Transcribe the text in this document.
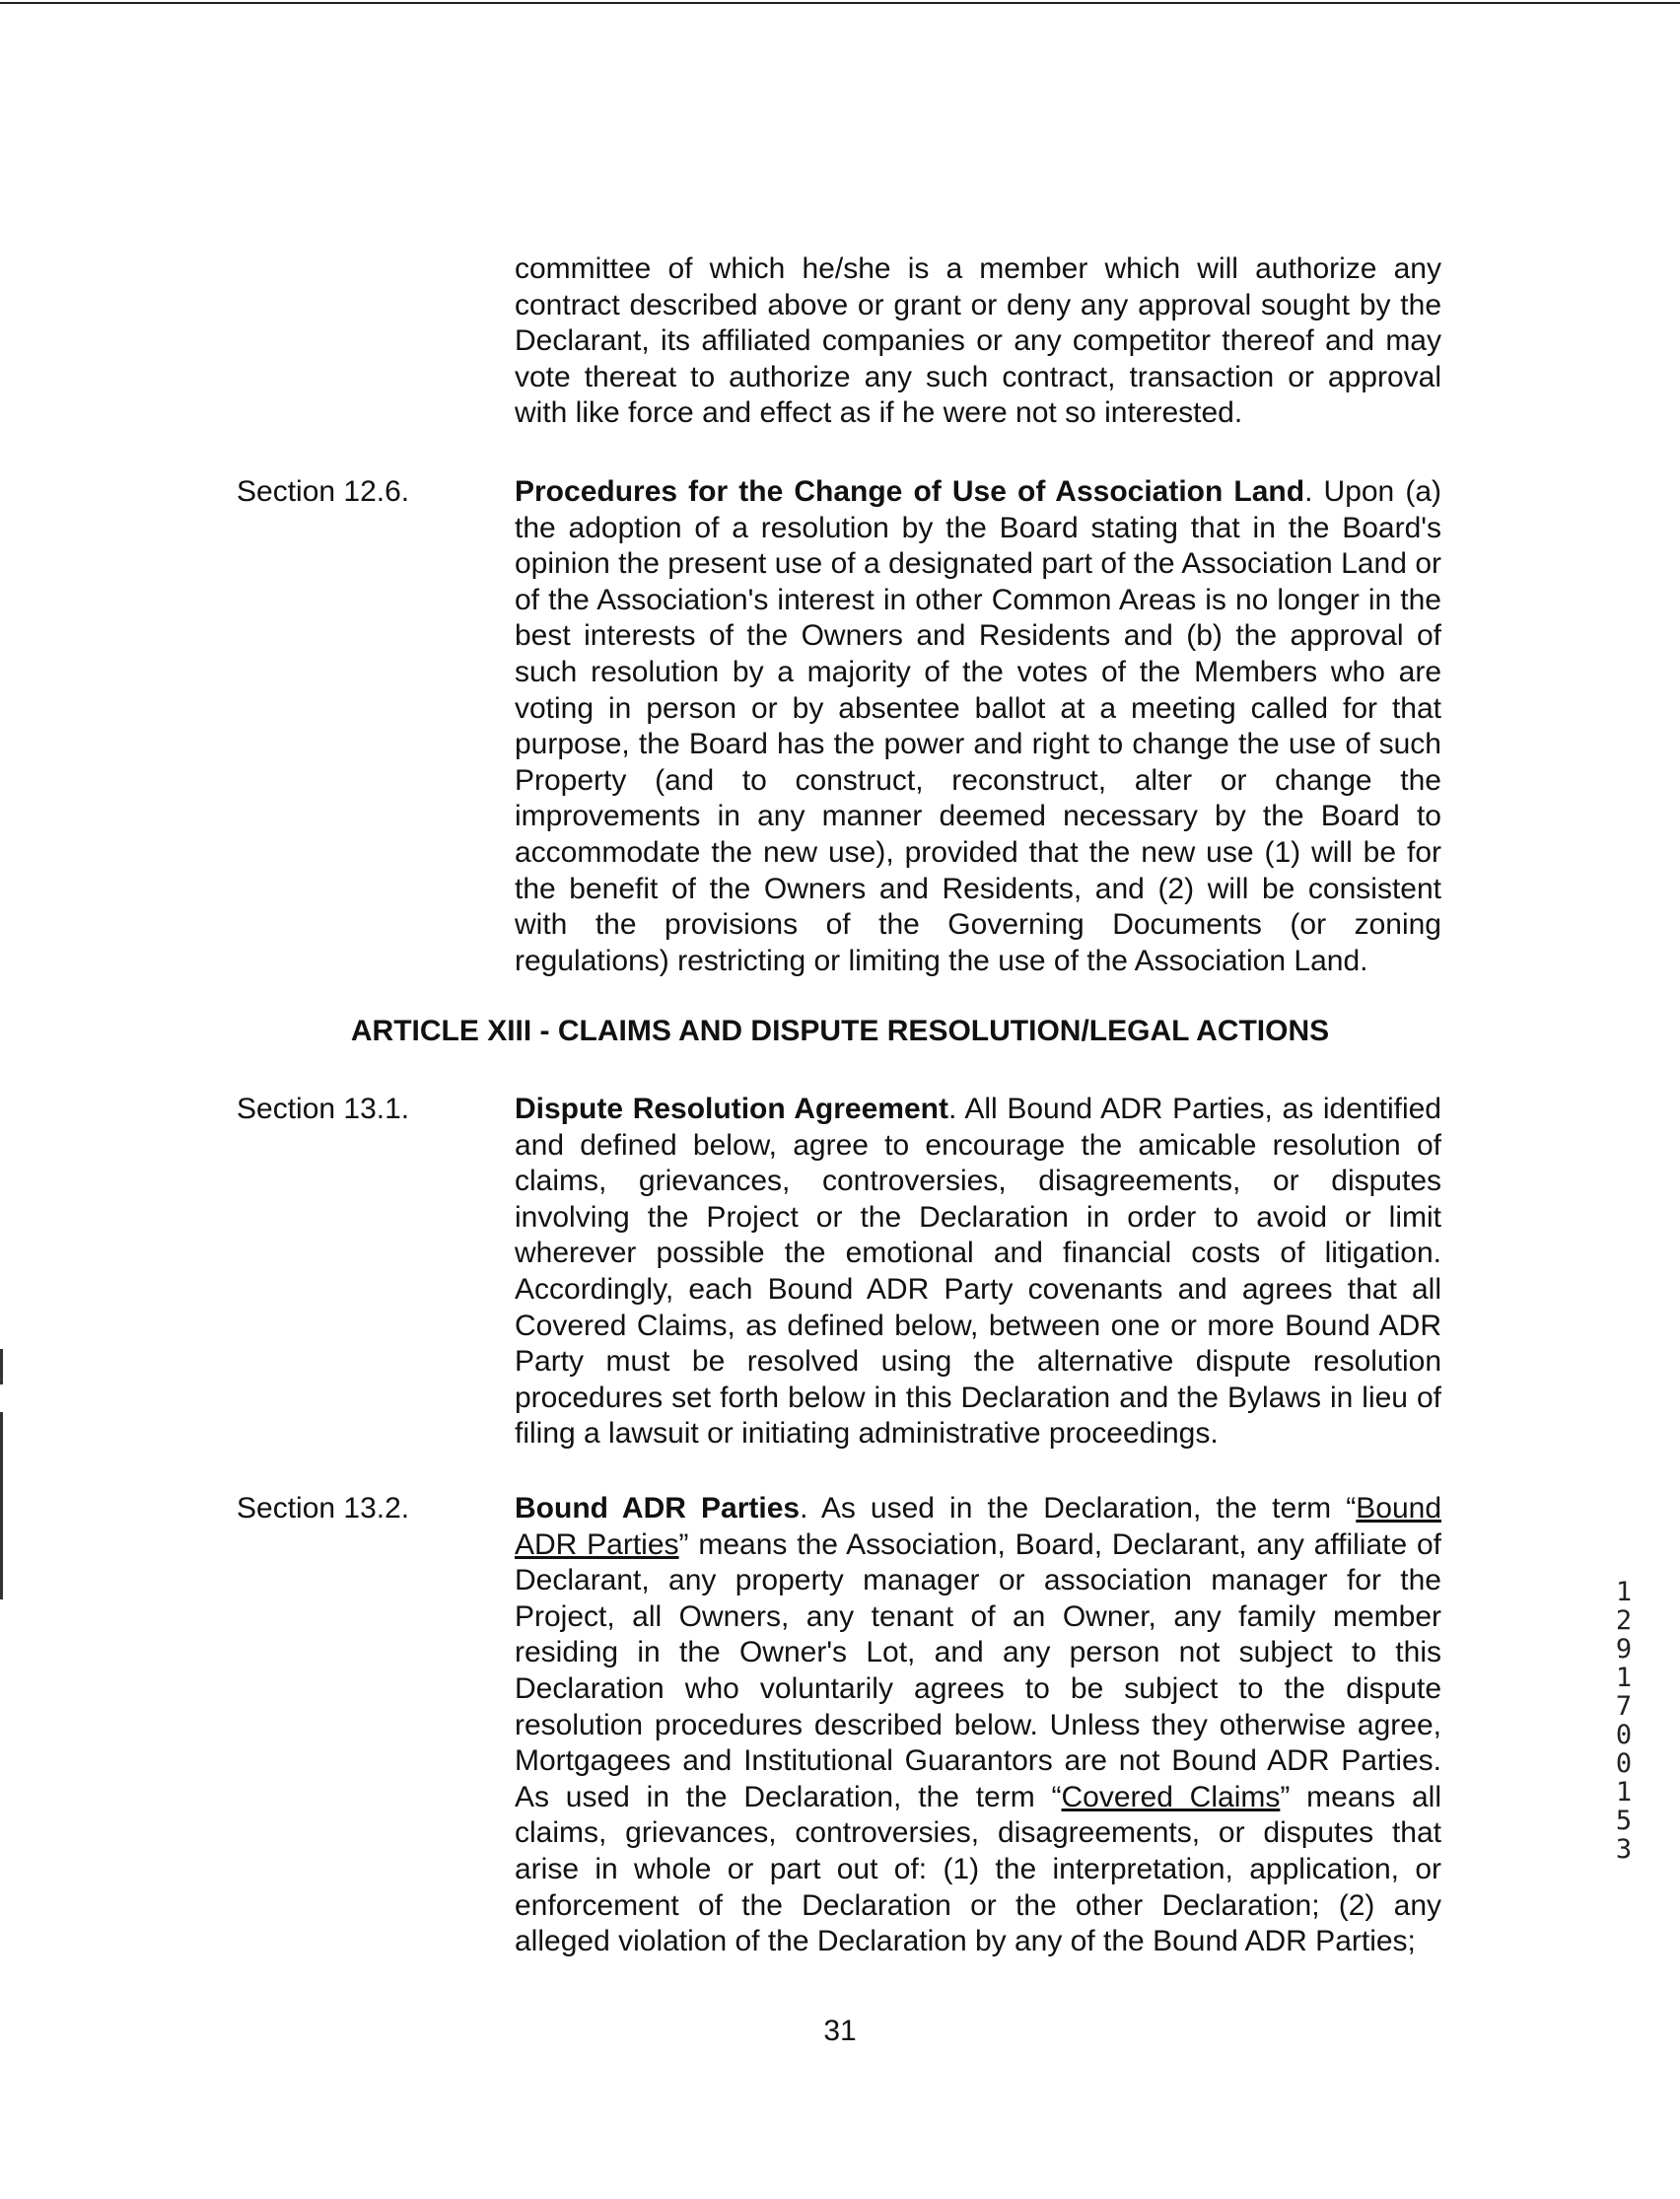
committee of which he/she is a member which will authorize any contract described above or grant or deny any approval sought by the Declarant, its affiliated companies or any competitor thereof and may vote thereat to authorize any such contract, transaction or approval with like force and effect as if he were not so interested.

Section 12.6.	Procedures for the Change of Use of Association Land. Upon (a) the adoption of a resolution by the Board stating that in the Board's opinion the present use of a designated part of the Association Land or of the Association's interest in other Common Areas is no longer in the best interests of the Owners and Residents and (b) the approval of such resolution by a majority of the votes of the Members who are voting in person or by absentee ballot at a meeting called for that purpose, the Board has the power and right to change the use of such Property (and to construct, reconstruct, alter or change the improvements in any manner deemed necessary by the Board to accommodate the new use), provided that the new use (1) will be for the benefit of the Owners and Residents, and (2) will be consistent with the provisions of the Governing Documents (or zoning regulations) restricting or limiting the use of the Association Land.

ARTICLE XIII - CLAIMS AND DISPUTE RESOLUTION/LEGAL ACTIONS

Section 13.1.	Dispute Resolution Agreement. All Bound ADR Parties, as identified and defined below, agree to encourage the amicable resolution of claims, grievances, controversies, disagreements, or disputes involving the Project or the Declaration in order to avoid or limit wherever possible the emotional and financial costs of litigation. Accordingly, each Bound ADR Party covenants and agrees that all Covered Claims, as defined below, between one or more Bound ADR Party must be resolved using the alternative dispute resolution procedures set forth below in this Declaration and the Bylaws in lieu of filing a lawsuit or initiating administrative proceedings.

Section 13.2.	Bound ADR Parties. As used in the Declaration, the term “Bound ADR Parties” means the Association, Board, Declarant, any affiliate of Declarant, any property manager or association manager for the Project, all Owners, any tenant of an Owner, any family member residing in the Owner's Lot, and any person not subject to this Declaration who voluntarily agrees to be subject to the dispute resolution procedures described below. Unless they otherwise agree, Mortgagees and Institutional Guarantors are not Bound ADR Parties. As used in the Declaration, the term “Covered Claims” means all claims, grievances, controversies, disagreements, or disputes that arise in whole or part out of: (1) the interpretation, application, or enforcement of the Declaration or the other Declaration; (2) any alleged violation of the Declaration by any of the Bound ADR Parties;

1291700153
31
